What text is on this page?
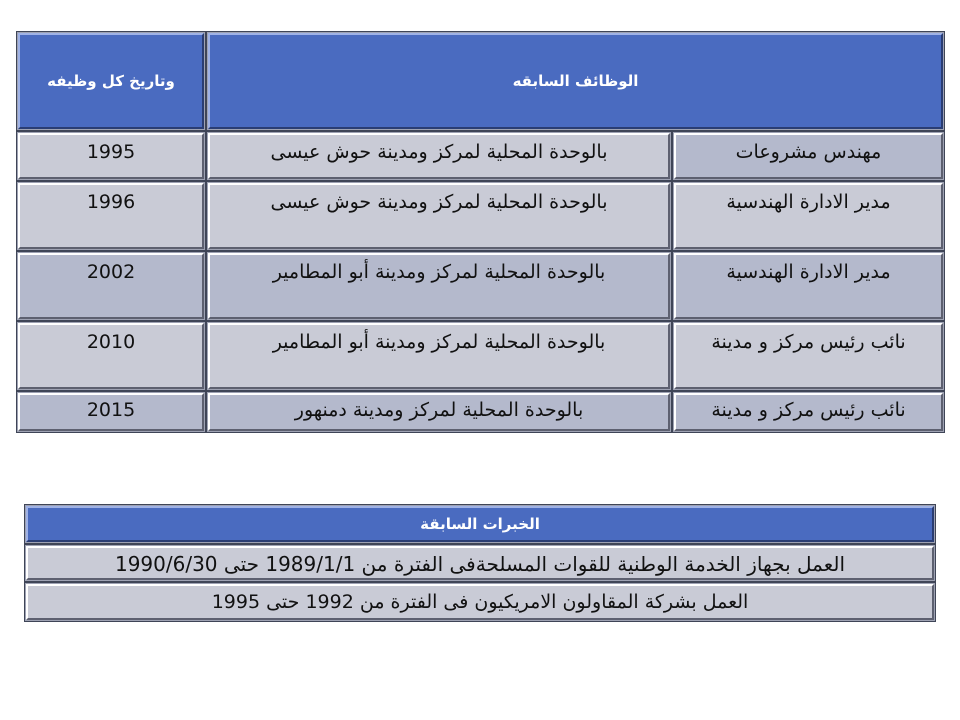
وتاريخ كل وظيفه	الوظائف السابقه
1995	بالوحدة المحلية لمركز ومدينة حوش عيسى	مهندس مشروعات
1996	بالوحدة المحلية لمركز ومدينة حوش عيسى	مدير الادارة الهندسية
2002	بالوحدة المحلية لمركز ومدينة أبو المطامير	مدير الادارة الهندسية
2010	بالوحدة المحلية لمركز ومدينة أبو المطامير	نائب رئيس مركز و مدينة
2015	بالوحدة المحلية لمركز ومدينة دمنهور	نائب رئيس مركز و مدينة
الخبرات السابقة
العمل بجهاز الخدمة الوطنية للقوات المسلحةفى الفترة من 1989/1/1 حتى 1990/6/30
العمل بشركة المقاولون الامريكيون فى الفترة من 1992 حتى 1995
